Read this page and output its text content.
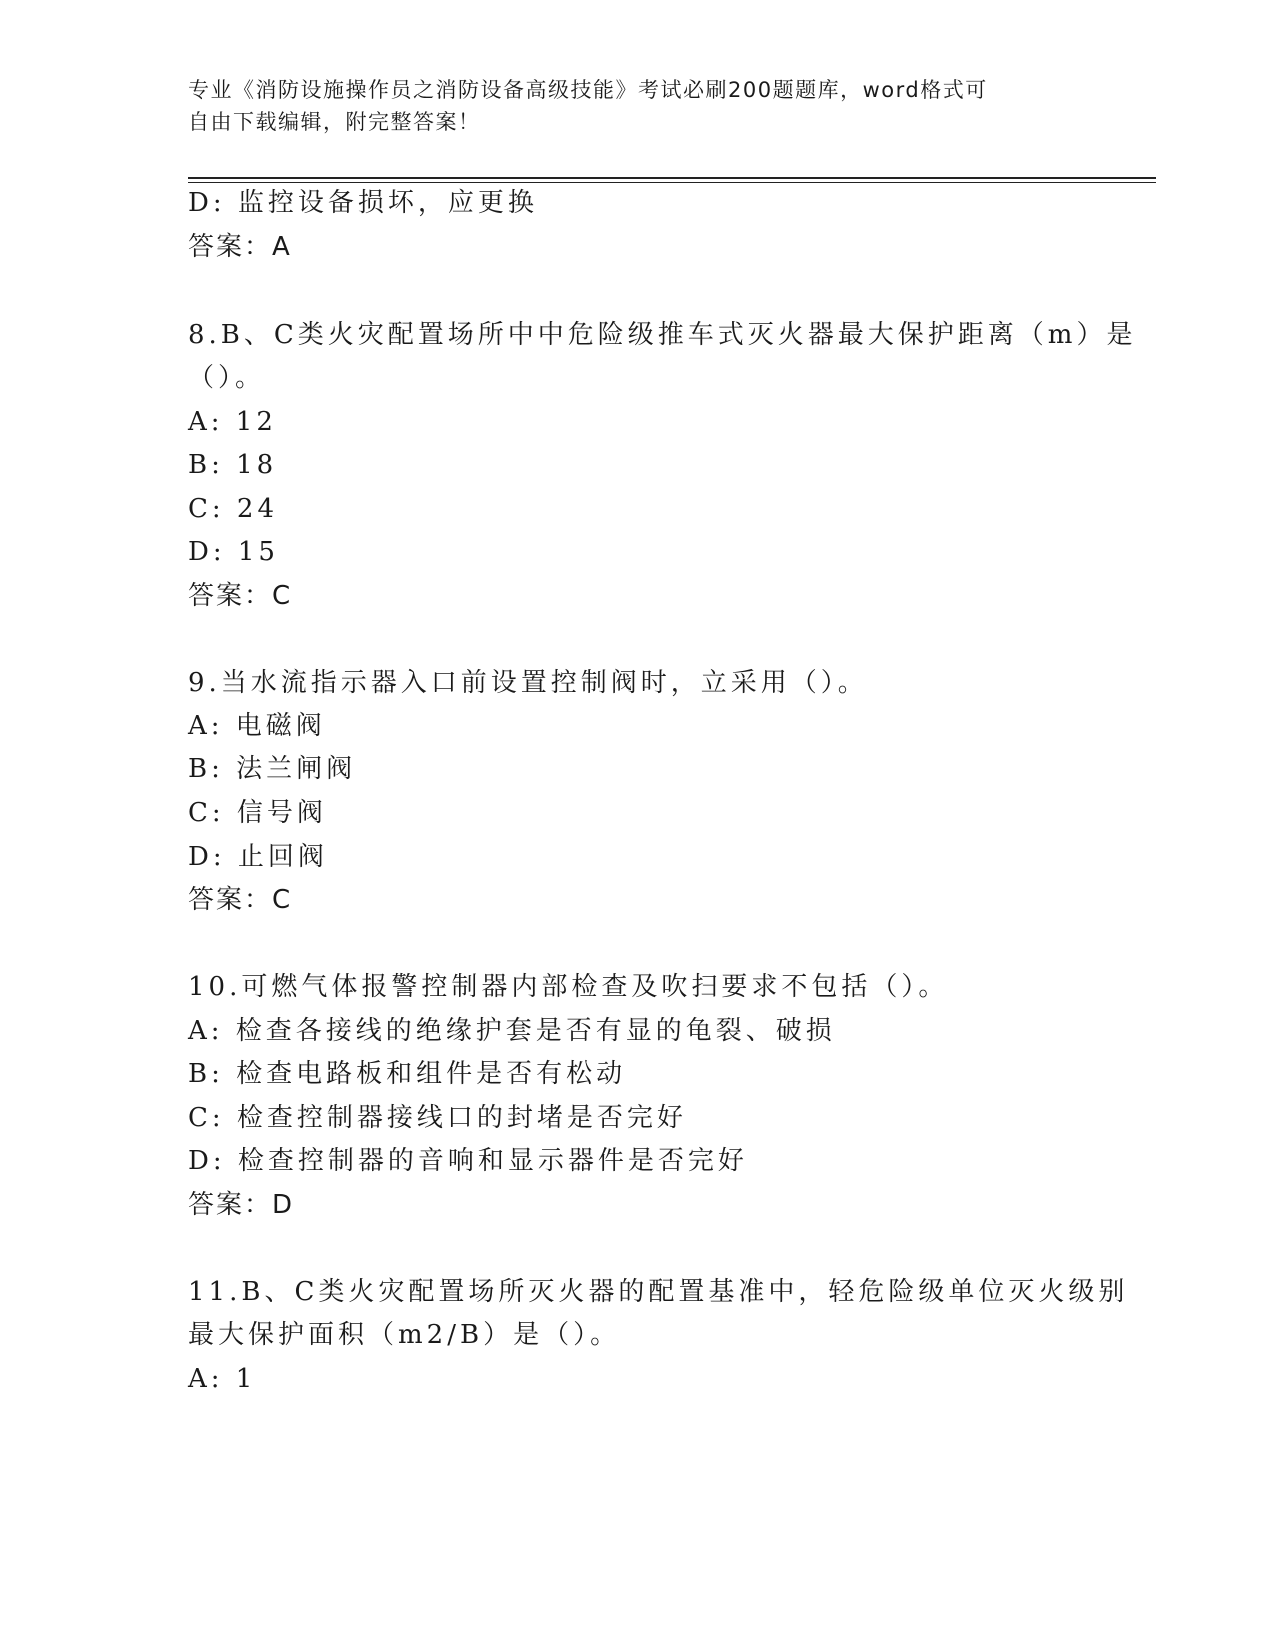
专业《消防设施操作员之消防设备高级技能》考试必刷200题题库，word格式可
自由下载编辑，附完整答案！
D: 监控设备损坏，应更换
答案：A
8.B、C类火灾配置场所中中危险级推车式灭火器最大保护距离（m）是
（）。
A: 12
B: 18
C: 24
D: 15
答案：C
9.当水流指示器入口前设置控制阀时，立采用（）。
A: 电磁阀
B: 法兰闸阀
C: 信号阀
D: 止回阀
答案：C
10.可燃气体报警控制器内部检查及吹扫要求不包括（）。
A: 检查各接线的绝缘护套是否有显的龟裂、破损
B: 检查电路板和组件是否有松动
C: 检查控制器接线口的封堵是否完好
D: 检查控制器的音响和显示器件是否完好
答案：D
11.B、C类火灾配置场所灭火器的配置基准中，轻危险级单位灭火级别
最大保护面积（m2/B）是（）。
A: 1
